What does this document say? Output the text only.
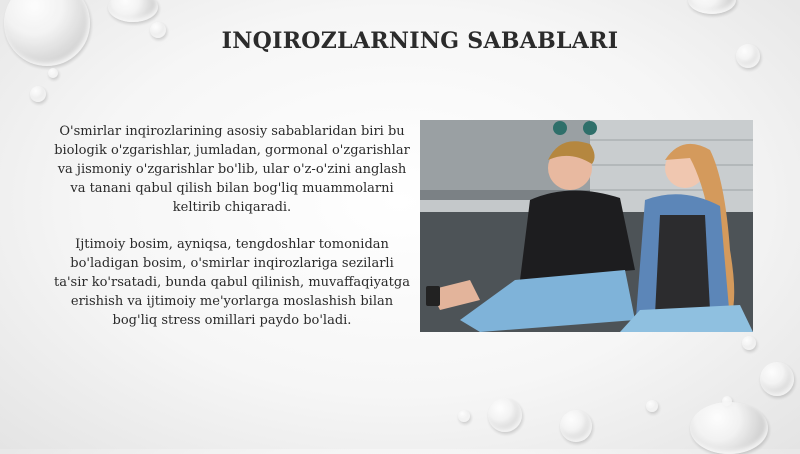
INQIROZLARNING SABABLARI

O'smirlar inqirozlarining asosiy sabablaridan biri bu biologik o'zgarishlar, jumladan, gormonal o'zgarishlar va jismoniy o'zgarishlar bo'lib, ular o'z-o'zini anglash va tanani qabul qilish bilan bog'liq muammolarni keltirib chiqaradi.

Ijtimoiy bosim, ayniqsa, tengdoshlar tomonidan bo'ladigan bosim, o'smirlar inqirozlariga sezilarli ta'sir ko'rsatadi, bunda qabul qilinish, muvaffaqiyatga erishish va ijtimoiy me'yorlarga moslashish bilan bog'liq stress omillari paydo bo'ladi.
